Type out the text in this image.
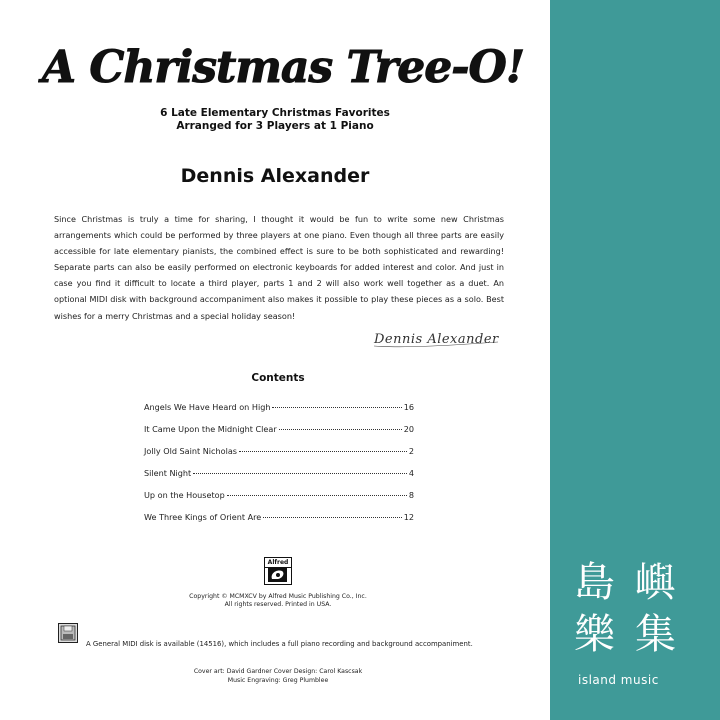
A Christmas Tree-O!
6 Late Elementary Christmas Favorites
Arranged for 3 Players at 1 Piano
Dennis Alexander
Since Christmas is truly a time for sharing, I thought it would be fun to write some new Christmas arrangements which could be performed by three players at one piano. Even though all three parts are easily accessible for late elementary pianists, the combined effect is sure to be both sophisticated and rewarding! Separate parts can also be easily performed on electronic keyboards for added interest and color. And just in case you find it difficult to locate a third player, parts 1 and 2 will also work well together as a duet. An optional MIDI disk with background accompaniment also makes it possible to play these pieces as a solo. Best wishes for a merry Christmas and a special holiday season!
Dennis Alexander
Contents
Angels We Have Heard on High	16
It Came Upon the Midnight Clear	20
Jolly Old Saint Nicholas	2
Silent Night	4
Up on the Housetop	8
We Three Kings of Orient Are	12
Alfred
Copyright © MCMXCV by Alfred Music Publishing Co., Inc.
All rights reserved. Printed in USA.
A General MIDI disk is available (14516), which includes a full piano recording and background accompaniment.
Cover art: David Gardner Cover Design: Carol Kascsak
Music Engraving: Greg Plumblee
島嶼
樂集
island music
